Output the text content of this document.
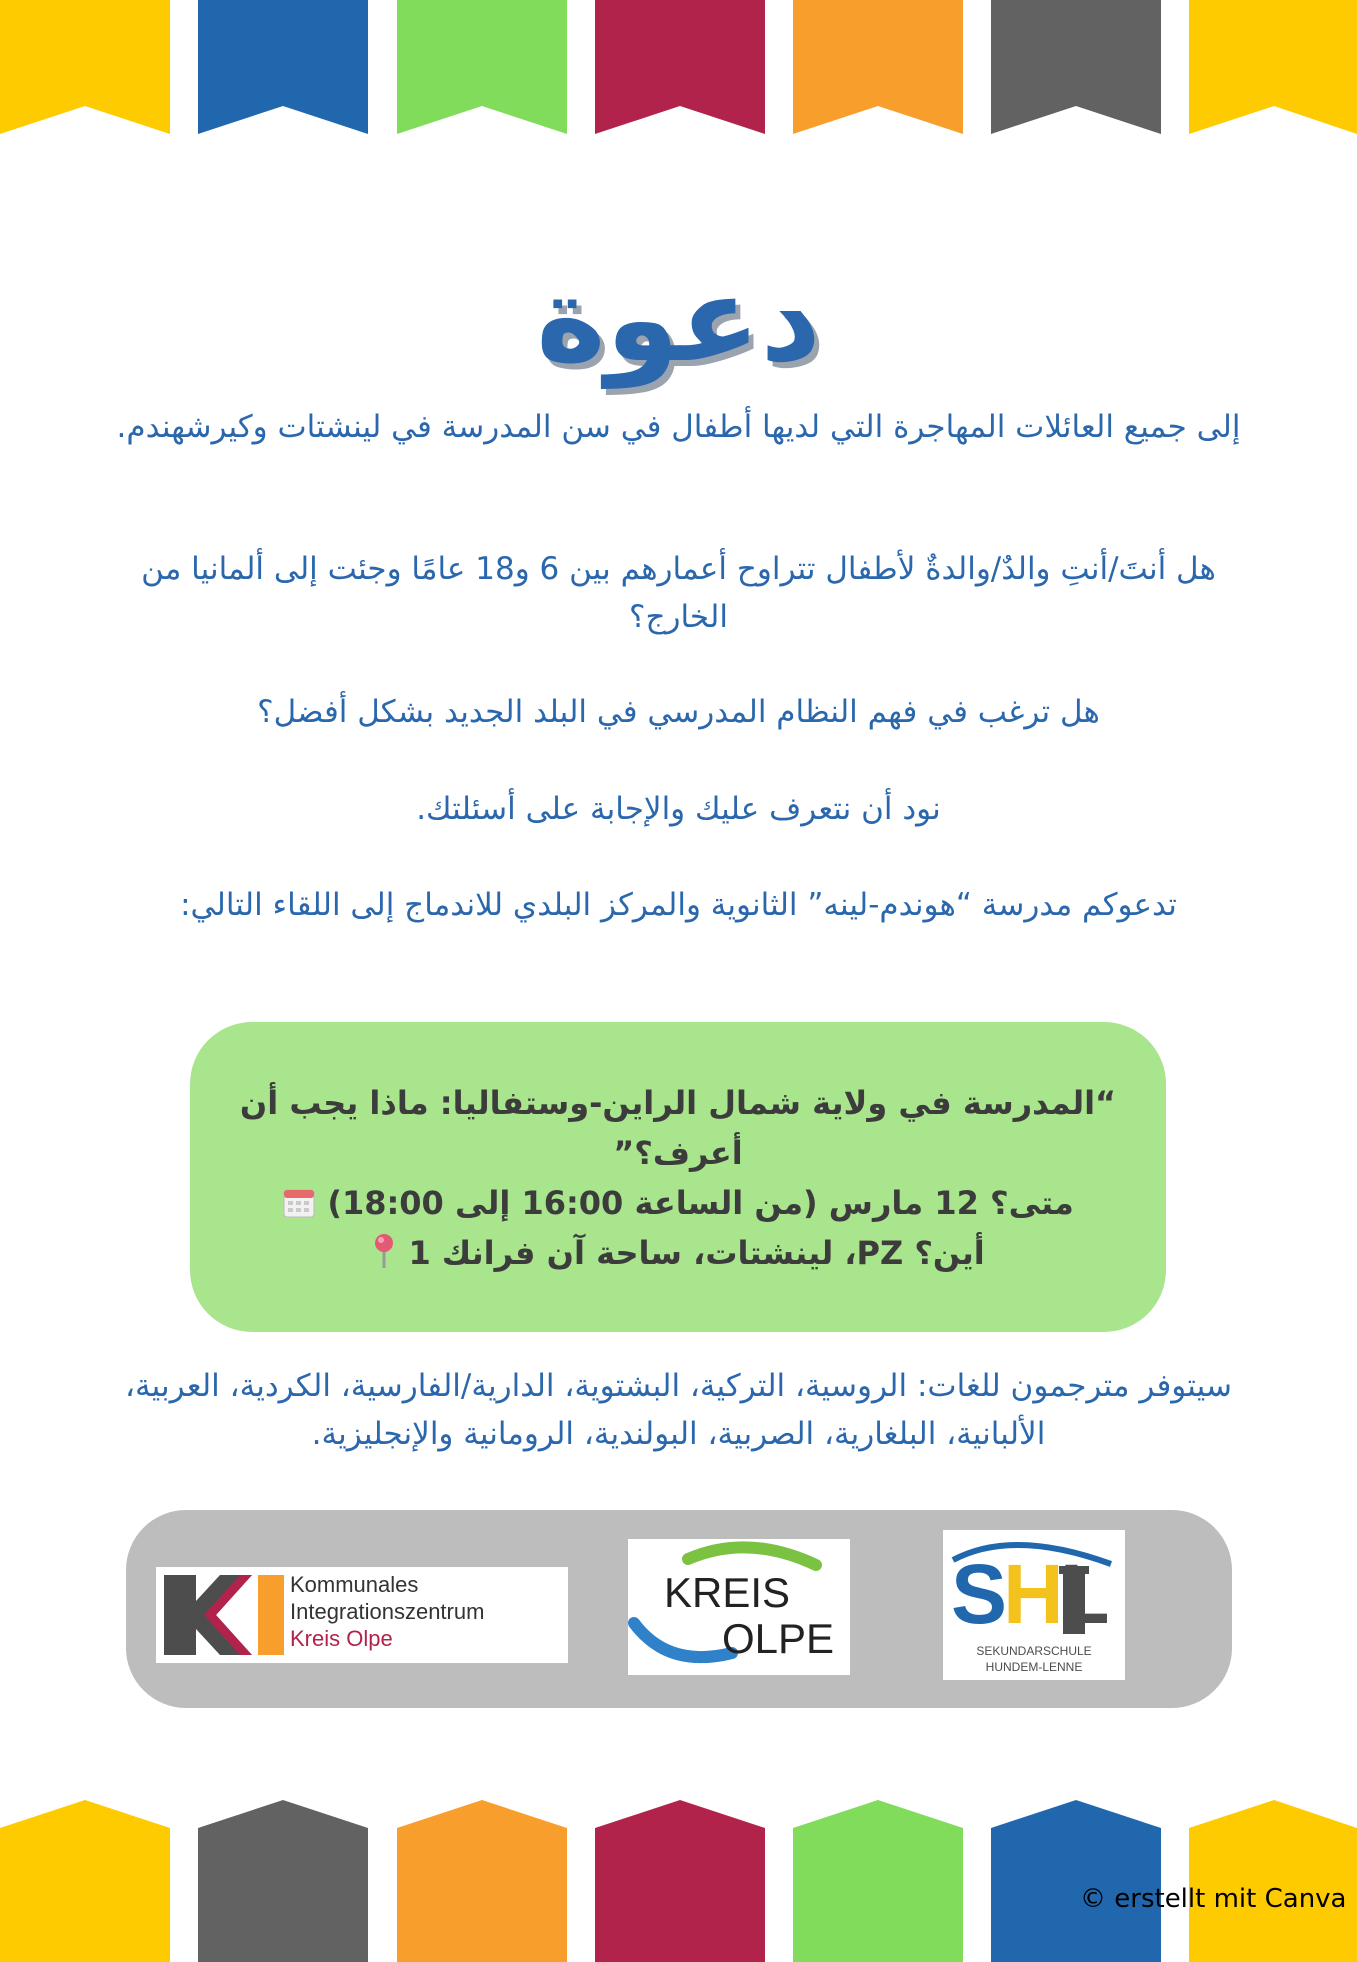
دعوة

إلى جميع العائلات المهاجرة التي لديها أطفال في سن المدرسة في لينشتات وكيرشهندم.

هل أنتَ/أنتِ والدٌ/والدةٌ لأطفال تتراوح أعمارهم بين 6 و18 عامًا وجئت إلى ألمانيا من الخارج؟

هل ترغب في فهم النظام المدرسي في البلد الجديد بشكل أفضل؟

نود أن نتعرف عليك والإجابة على أسئلتك.

تدعوكم مدرسة “هوندم-لينه” الثانوية والمركز البلدي للاندماج إلى اللقاء التالي:

“المدرسة في ولاية شمال الراين-وستفاليا: ماذا يجب أن أعرف؟”

متى؟ 12 مارس (من الساعة 16:00 إلى 18:00)

أين؟ PZ، لينشتات، ساحة آن فرانك 1

سيتوفر مترجمون للغات: الروسية، التركية، البشتوية، الدارية/الفارسية، الكردية، العربية، الألبانية، البلغارية، الصربية، البولندية، الرومانية والإنجليزية.

Kommunales
Integrationszentrum
Kreis Olpe
KREIS
OLPE SHL
SEKUNDARSCHULE
HUNDEM-LENNE
© erstellt mit Canva
